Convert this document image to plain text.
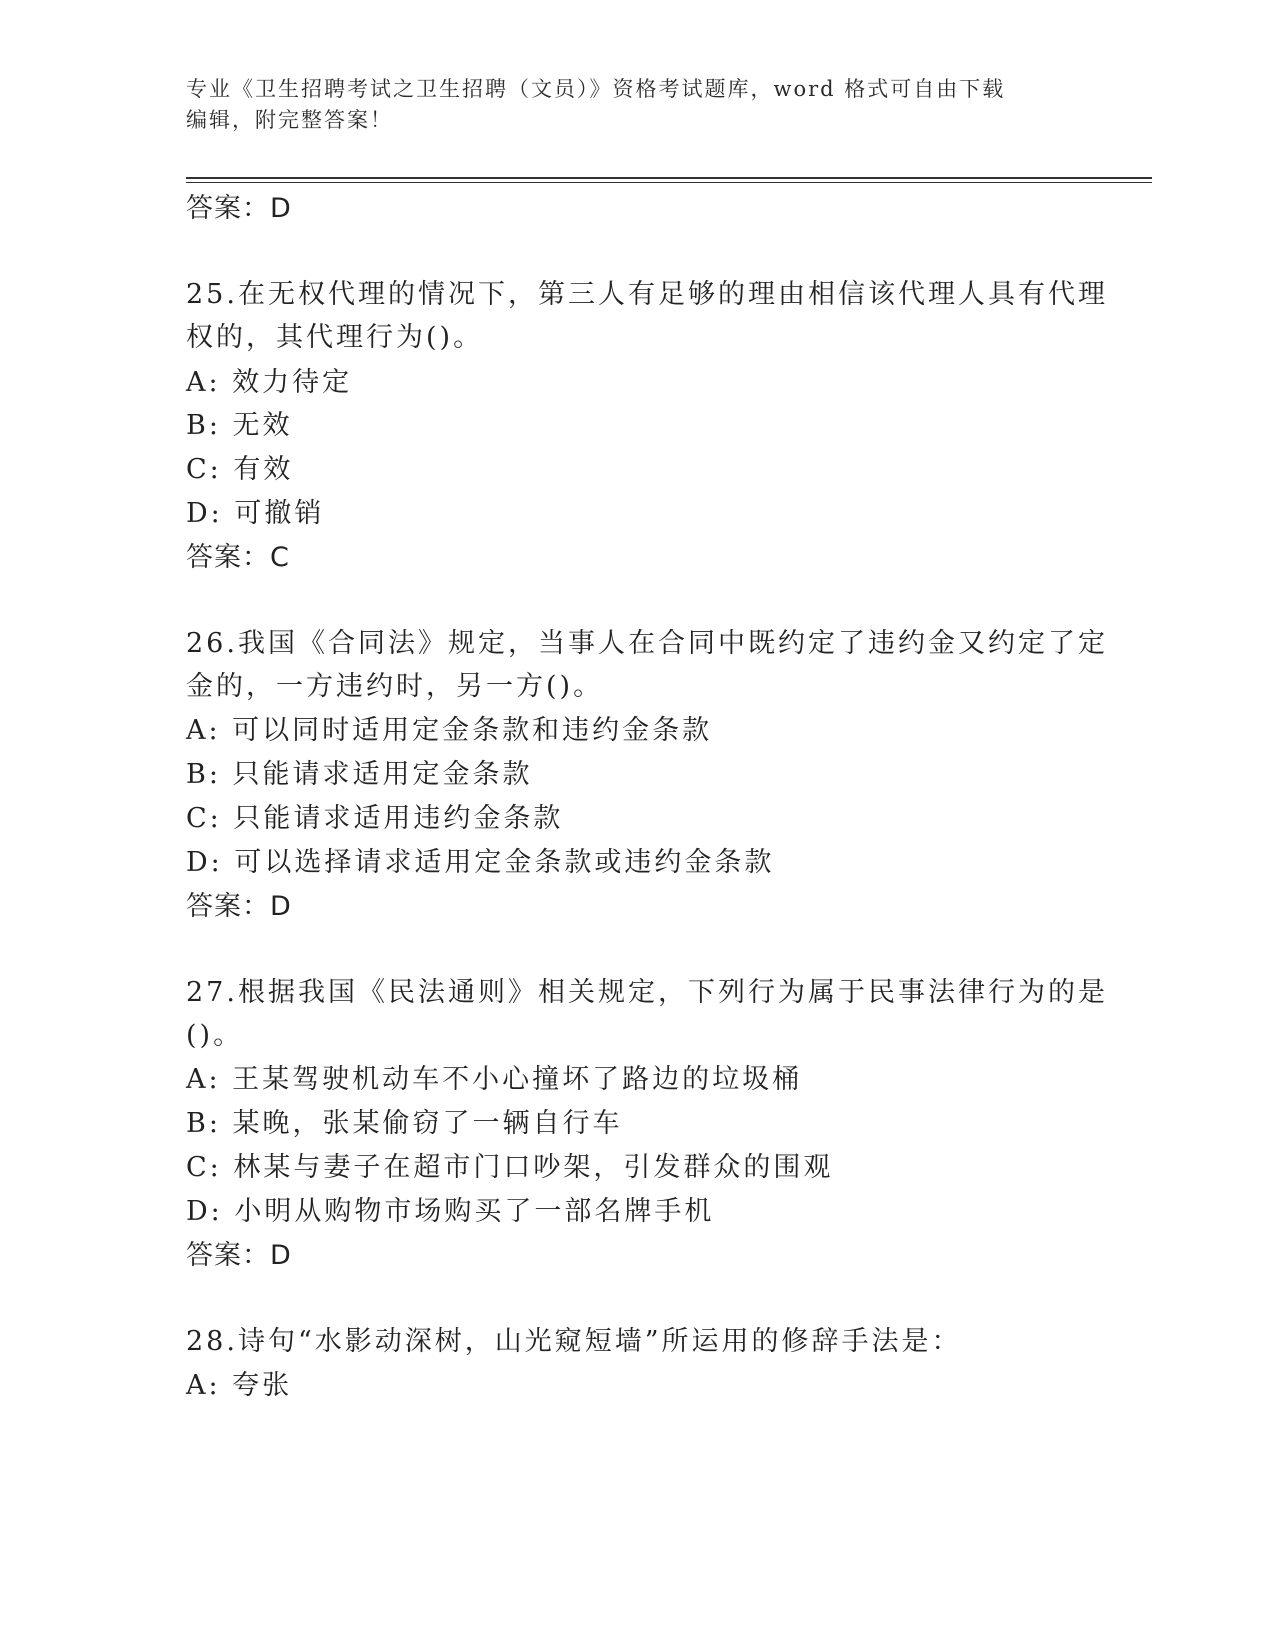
专业《卫生招聘考试之卫生招聘（文员）》资格考试题库，word 格式可自由下载
编辑，附完整答案！
答案：D
25.在无权代理的情况下，第三人有足够的理由相信该代理人具有代理
权的，其代理行为()。
A: 效力待定
B: 无效
C: 有效
D: 可撤销
答案：C
26.我国《合同法》规定，当事人在合同中既约定了违约金又约定了定
金的，一方违约时，另一方()。
A: 可以同时适用定金条款和违约金条款
B: 只能请求适用定金条款
C: 只能请求适用违约金条款
D: 可以选择请求适用定金条款或违约金条款
答案：D
27.根据我国《民法通则》相关规定，下列行为属于民事法律行为的是
()。
A: 王某驾驶机动车不小心撞坏了路边的垃圾桶
B: 某晚，张某偷窃了一辆自行车
C: 林某与妻子在超市门口吵架，引发群众的围观
D: 小明从购物市场购买了一部名牌手机
答案：D
28.诗句“水影动深树，山光窥短墙”所运用的修辞手法是：
A: 夸张
